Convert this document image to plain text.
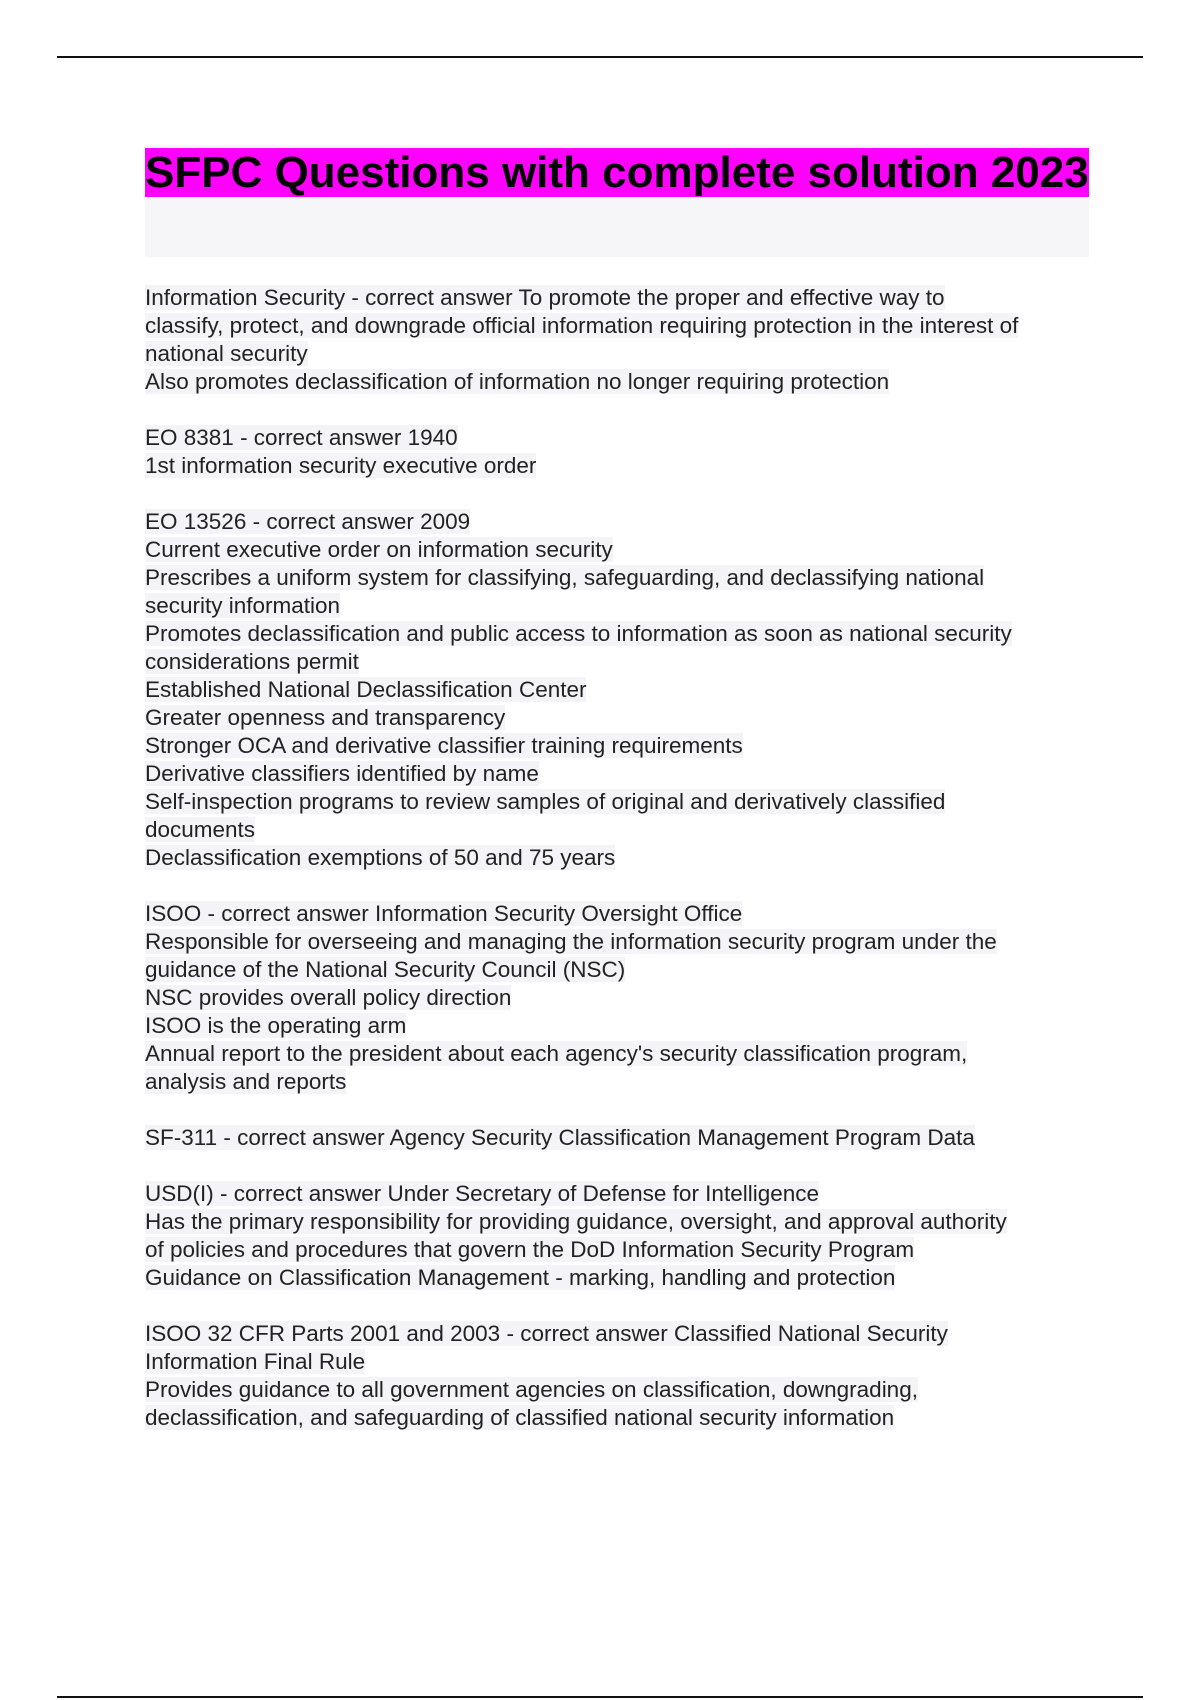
SFPC Questions with complete solution 2023
Information Security - correct answer To promote the proper and effective way to
classify, protect, and downgrade official information requiring protection in the interest of
national security
Also promotes declassification of information no longer requiring protection
EO 8381 - correct answer 1940
1st information security executive order
EO 13526 - correct answer 2009
Current executive order on information security
Prescribes a uniform system for classifying, safeguarding, and declassifying national
security information
Promotes declassification and public access to information as soon as national security
considerations permit
Established National Declassification Center
Greater openness and transparency
Stronger OCA and derivative classifier training requirements
Derivative classifiers identified by name
Self-inspection programs to review samples of original and derivatively classified
documents
Declassification exemptions of 50 and 75 years
ISOO - correct answer Information Security Oversight Office
Responsible for overseeing and managing the information security program under the
guidance of the National Security Council (NSC)
NSC provides overall policy direction
ISOO is the operating arm
Annual report to the president about each agency's security classification program,
analysis and reports
SF-311 - correct answer Agency Security Classification Management Program Data
USD(I) - correct answer Under Secretary of Defense for Intelligence
Has the primary responsibility for providing guidance, oversight, and approval authority
of policies and procedures that govern the DoD Information Security Program
Guidance on Classification Management - marking, handling and protection
ISOO 32 CFR Parts 2001 and 2003 - correct answer Classified National Security
Information Final Rule
Provides guidance to all government agencies on classification, downgrading,
declassification, and safeguarding of classified national security information
